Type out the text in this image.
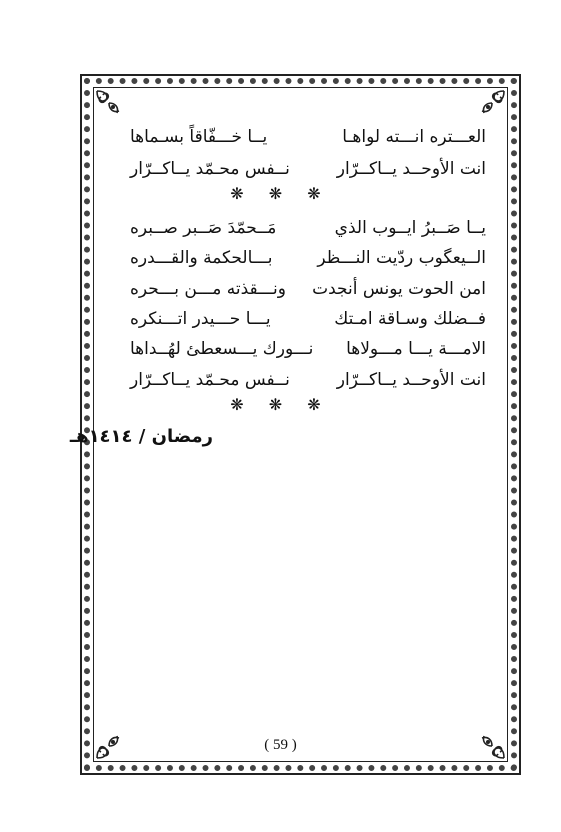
العـــتره انـــته لواهـا
يــا خـــفّاقاً بسـماها
انت الأوحــد يــاكــرّار
نــفس محـمّد يــاكــرّار
❋ ❋ ❋
يــا صَــبرُ ايــوب الذي
مَــحمّدَ صَــبر صــبره
الــيعگوب ردّيت النـــظر
بـــالحكمة والقـــدره
امن الحوت يونس أنجدت
ونـــقذته مـــن بـــحره
فــضلك وسـاقة امـتك
يـــا حـــيدر اتـــنكره
الامـــة يـــا مـــولاها
نـــورك يـــسعطئ لهُــداها
انت الأوحــد يــاكــرّار
نــفس محـمّد يــاكــرّار
❋ ❋ ❋
رمضان / ١٤١٤هـ
( 59 )
